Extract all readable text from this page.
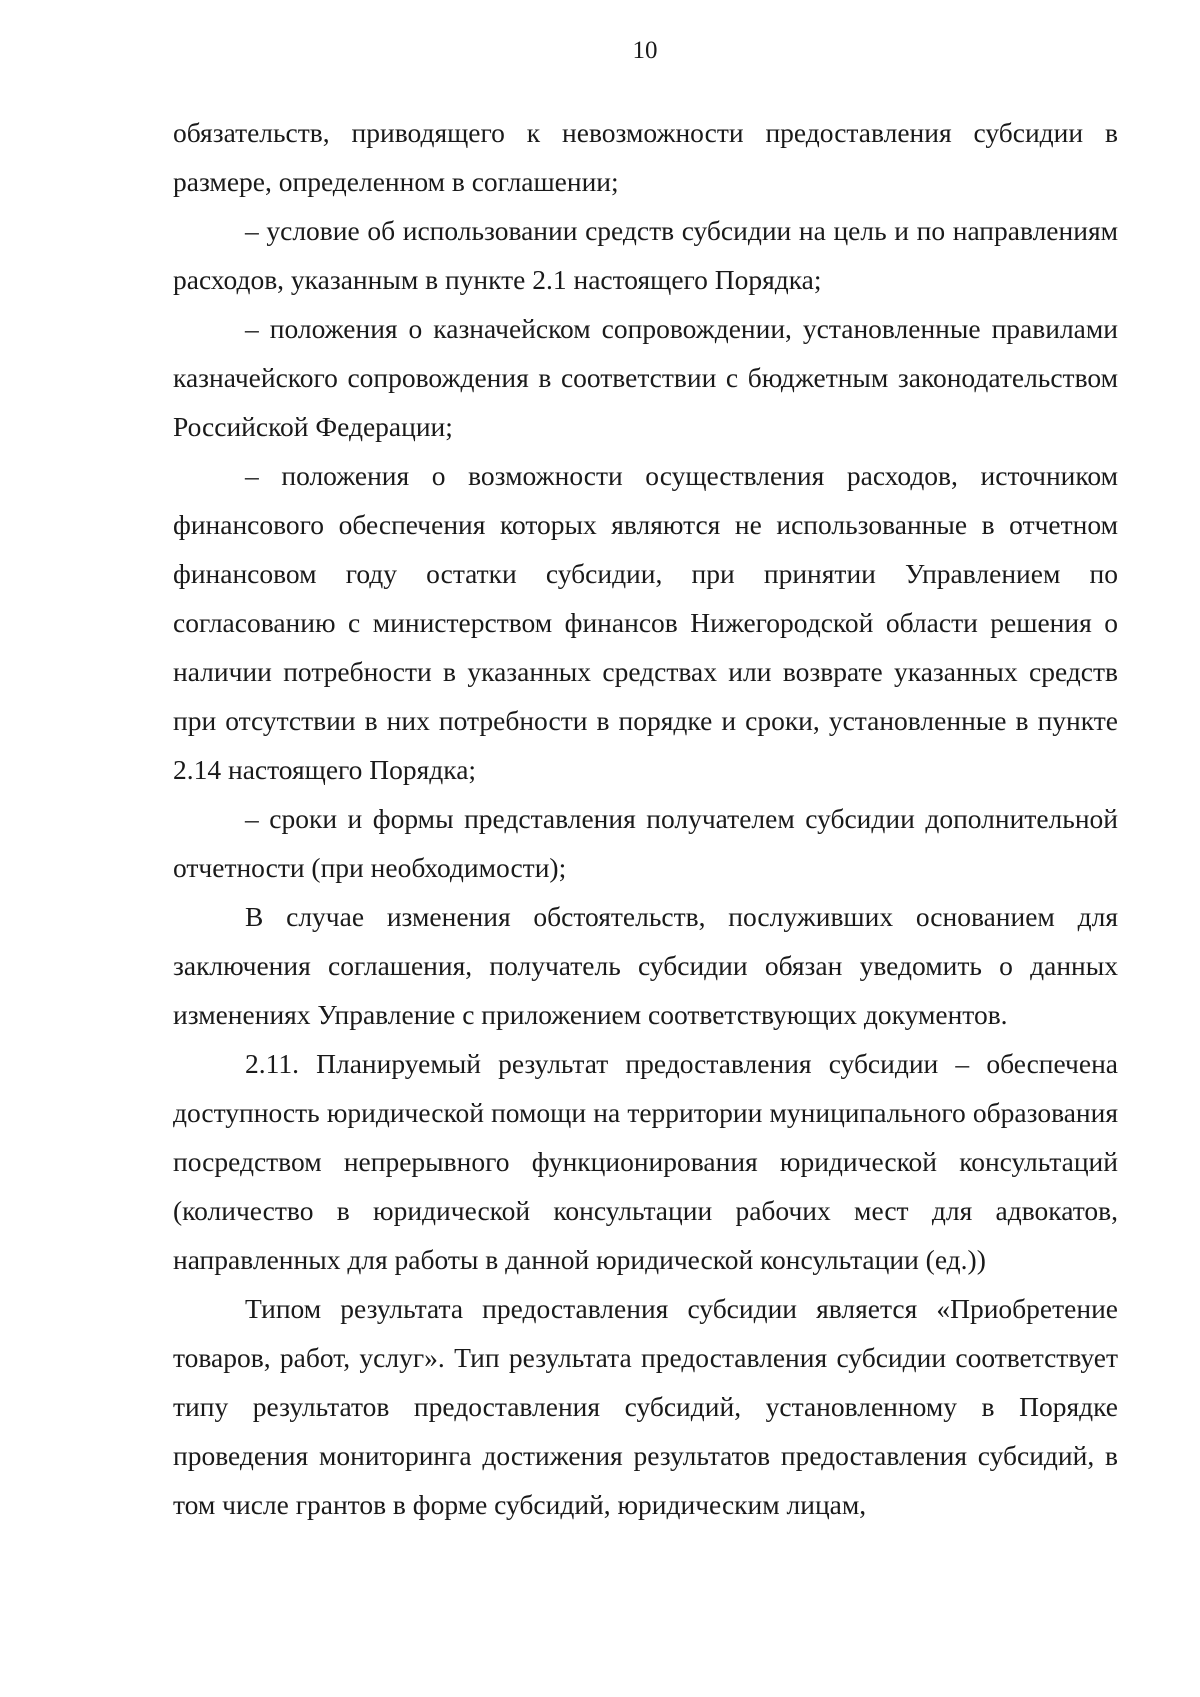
10

обязательств, приводящего к невозможности предоставления субсидии в размере, определенном в соглашении;

– условие об использовании средств субсидии на цель и по направлениям расходов, указанным в пункте 2.1 настоящего Порядка;

– положения о казначейском сопровождении, установленные правилами казначейского сопровождения в соответствии с бюджетным законодательством Российской Федерации;

– положения о возможности осуществления расходов, источником финансового обеспечения которых являются не использованные в отчетном финансовом году остатки субсидии, при принятии Управлением по согласованию с министерством финансов Нижегородской области решения о наличии потребности в указанных средствах или возврате указанных средств при отсутствии в них потребности в порядке и сроки, установленные в пункте 2.14 настоящего Порядка;

– сроки и формы представления получателем субсидии дополнительной отчетности (при необходимости);

В случае изменения обстоятельств, послуживших основанием для заключения соглашения, получатель субсидии обязан уведомить о данных изменениях Управление с приложением соответствующих документов.

2.11. Планируемый результат предоставления субсидии – обеспечена доступность юридической помощи на территории муниципального образования посредством непрерывного функционирования юридической консультаций (количество в юридической консультации рабочих мест для адвокатов, направленных для работы в данной юридической консультации (ед.))

Типом результата предоставления субсидии является «Приобретение товаров, работ, услуг». Тип результата предоставления субсидии соответствует типу результатов предоставления субсидий, установленному в Порядке проведения мониторинга достижения результатов предоставления субсидий, в том числе грантов в форме субсидий, юридическим лицам,
